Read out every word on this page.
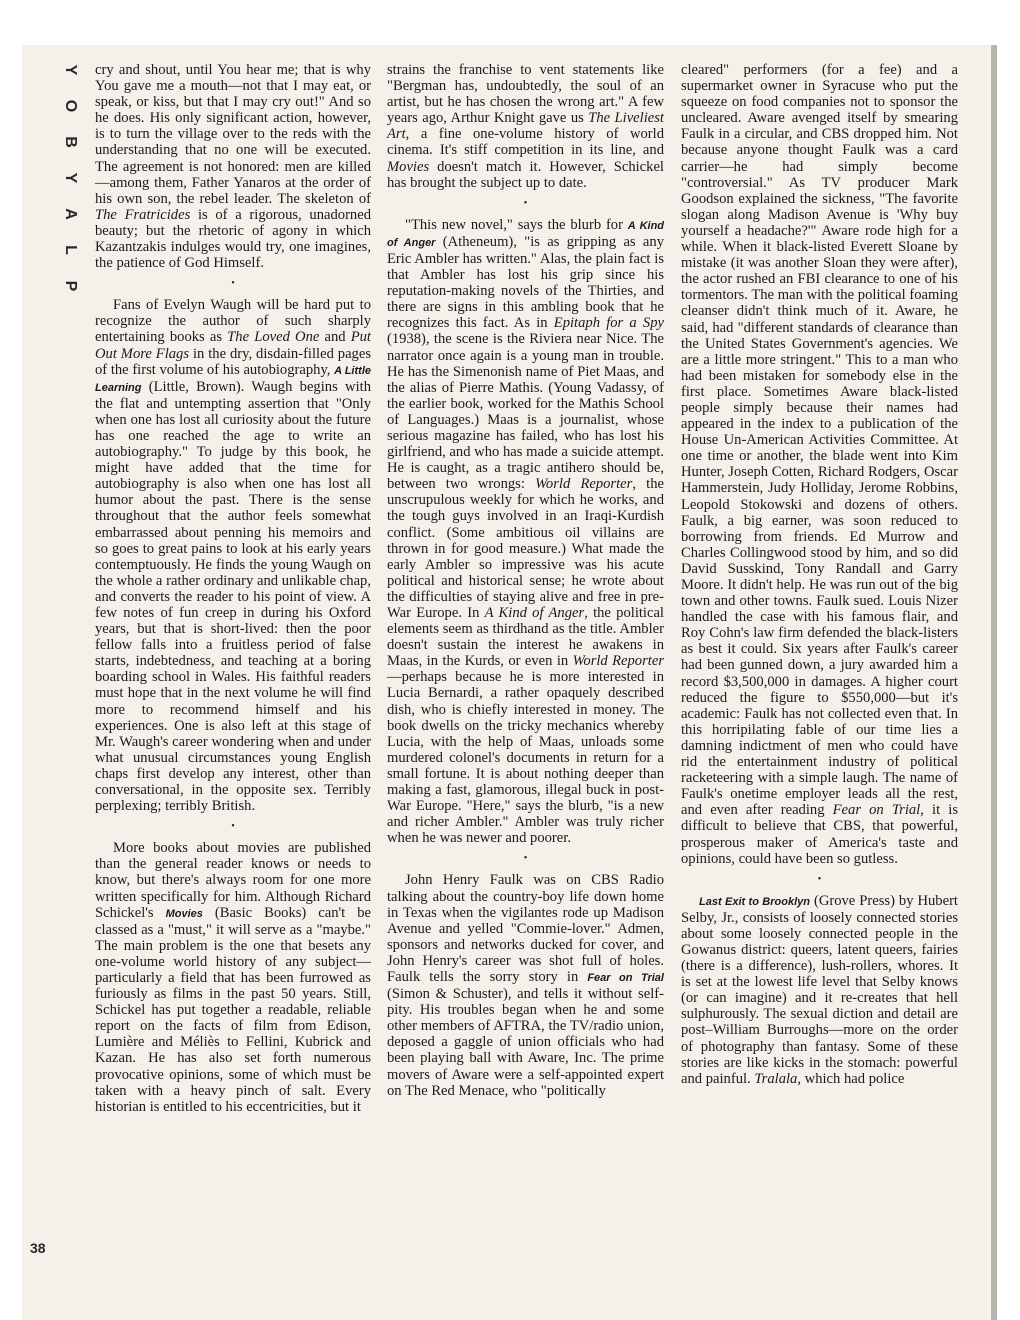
Y
O
B
Y
A
L
P
38

cry and shout, until You hear me; that is why You gave me a mouth—not that I may eat, or speak, or kiss, but that I may cry out!" And so he does. His only significant action, however, is to turn the village over to the reds with the understanding that no one will be executed. The agreement is not honored: men are killed—among them, Father Yanaros at the order of his own son, the rebel leader. The skeleton of The Fratricides is of a rigorous, unadorned beauty; but the rhetoric of agony in which Kazantzakis indulges would try, one imagines, the patience of God Himself.

•

Fans of Evelyn Waugh will be hard put to recognize the author of such sharply entertaining books as The Loved One and Put Out More Flags in the dry, disdain-filled pages of the first volume of his autobiography, A Little Learning (Little, Brown). Waugh begins with the flat and untempting assertion that "Only when one has lost all curiosity about the future has one reached the age to write an autobiography." To judge by this book, he might have added that the time for autobiography is also when one has lost all humor about the past. There is the sense throughout that the author feels somewhat embarrassed about penning his memoirs and so goes to great pains to look at his early years contemptuously. He finds the young Waugh on the whole a rather ordinary and unlikable chap, and converts the reader to his point of view. A few notes of fun creep in during his Oxford years, but that is short-lived: then the poor fellow falls into a fruitless period of false starts, indebtedness, and teaching at a boring boarding school in Wales. His faithful readers must hope that in the next volume he will find more to recommend himself and his experiences. One is also left at this stage of Mr. Waugh's career wondering when and under what unusual circumstances young English chaps first develop any interest, other than conversational, in the opposite sex. Terribly perplexing; terribly British.

•

More books about movies are published than the general reader knows or needs to know, but there's always room for one more written specifically for him. Although Richard Schickel's Movies (Basic Books) can't be classed as a "must," it will serve as a "maybe." The main problem is the one that besets any one-volume world history of any subject—particularly a field that has been furrowed as furiously as films in the past 50 years. Still, Schickel has put together a readable, reliable report on the facts of film from Edison, Lumière and Méliès to Fellini, Kubrick and Kazan. He has also set forth numerous provocative opinions, some of which must be taken with a heavy pinch of salt. Every historian is entitled to his eccentricities, but it

strains the franchise to vent statements like "Bergman has, undoubtedly, the soul of an artist, but he has chosen the wrong art." A few years ago, Arthur Knight gave us The Liveliest Art, a fine one-volume history of world cinema. It's stiff competition in its line, and Movies doesn't match it. However, Schickel has brought the subject up to date.

•

"This new novel," says the blurb for A Kind of Anger (Atheneum), "is as gripping as any Eric Ambler has written." Alas, the plain fact is that Ambler has lost his grip since his reputation-making novels of the Thirties, and there are signs in this ambling book that he recognizes this fact. As in Epitaph for a Spy (1938), the scene is the Riviera near Nice. The narrator once again is a young man in trouble. He has the Simenonish name of Piet Maas, and the alias of Pierre Mathis. (Young Vadassy, of the earlier book, worked for the Mathis School of Languages.) Maas is a journalist, whose serious magazine has failed, who has lost his girlfriend, and who has made a suicide attempt. He is caught, as a tragic antihero should be, between two wrongs: World Reporter, the unscrupulous weekly for which he works, and the tough guys involved in an Iraqi-Kurdish conflict. (Some ambitious oil villains are thrown in for good measure.) What made the early Ambler so impressive was his acute political and historical sense; he wrote about the difficulties of staying alive and free in pre-War Europe. In A Kind of Anger, the political elements seem as thirdhand as the title. Ambler doesn't sustain the interest he awakens in Maas, in the Kurds, or even in World Reporter—perhaps because he is more interested in Lucia Bernardi, a rather opaquely described dish, who is chiefly interested in money. The book dwells on the tricky mechanics whereby Lucia, with the help of Maas, unloads some murdered colonel's documents in return for a small fortune. It is about nothing deeper than making a fast, glamorous, illegal buck in post-War Europe. "Here," says the blurb, "is a new and richer Ambler." Ambler was truly richer when he was newer and poorer.

•

John Henry Faulk was on CBS Radio talking about the country-boy life down home in Texas when the vigilantes rode up Madison Avenue and yelled "Commie-lover." Admen, sponsors and networks ducked for cover, and John Henry's career was shot full of holes. Faulk tells the sorry story in Fear on Trial (Simon & Schuster), and tells it without self-pity. His troubles began when he and some other members of AFTRA, the TV/radio union, deposed a gaggle of union officials who had been playing ball with Aware, Inc. The prime movers of Aware were a self-appointed expert on The Red Menace, who "politically

cleared" performers (for a fee) and a supermarket owner in Syracuse who put the squeeze on food companies not to sponsor the uncleared. Aware avenged itself by smearing Faulk in a circular, and CBS dropped him. Not because anyone thought Faulk was a card carrier—he had simply become "controversial." As TV producer Mark Goodson explained the sickness, "The favorite slogan along Madison Avenue is 'Why buy yourself a headache?'" Aware rode high for a while. When it black-listed Everett Sloane by mistake (it was another Sloan they were after), the actor rushed an FBI clearance to one of his tormentors. The man with the political foaming cleanser didn't think much of it. Aware, he said, had "different standards of clearance than the United States Government's agencies. We are a little more stringent." This to a man who had been mistaken for somebody else in the first place. Sometimes Aware black-listed people simply because their names had appeared in the index to a publication of the House Un-American Activities Committee. At one time or another, the blade went into Kim Hunter, Joseph Cotten, Richard Rodgers, Oscar Hammerstein, Judy Holliday, Jerome Robbins, Leopold Stokowski and dozens of others. Faulk, a big earner, was soon reduced to borrowing from friends. Ed Murrow and Charles Collingwood stood by him, and so did David Susskind, Tony Randall and Garry Moore. It didn't help. He was run out of the big town and other towns. Faulk sued. Louis Nizer handled the case with his famous flair, and Roy Cohn's law firm defended the black-listers as best it could. Six years after Faulk's career had been gunned down, a jury awarded him a record $3,500,000 in damages. A higher court reduced the figure to $550,000—but it's academic: Faulk has not collected even that. In this horripilating fable of our time lies a damning indictment of men who could have rid the entertainment industry of political racketeering with a simple laugh. The name of Faulk's onetime employer leads all the rest, and even after reading Fear on Trial, it is difficult to believe that CBS, that powerful, prosperous maker of America's taste and opinions, could have been so gutless.

•

Last Exit to Brooklyn (Grove Press) by Hubert Selby, Jr., consists of loosely connected stories about some loosely connected people in the Gowanus district: queers, latent queers, fairies (there is a difference), lush-rollers, whores. It is set at the lowest life level that Selby knows (or can imagine) and it re-creates that hell sulphurously. The sexual diction and detail are post–William Burroughs—more on the order of photography than fantasy. Some of these stories are like kicks in the stomach: powerful and painful. Tralala, which had police
